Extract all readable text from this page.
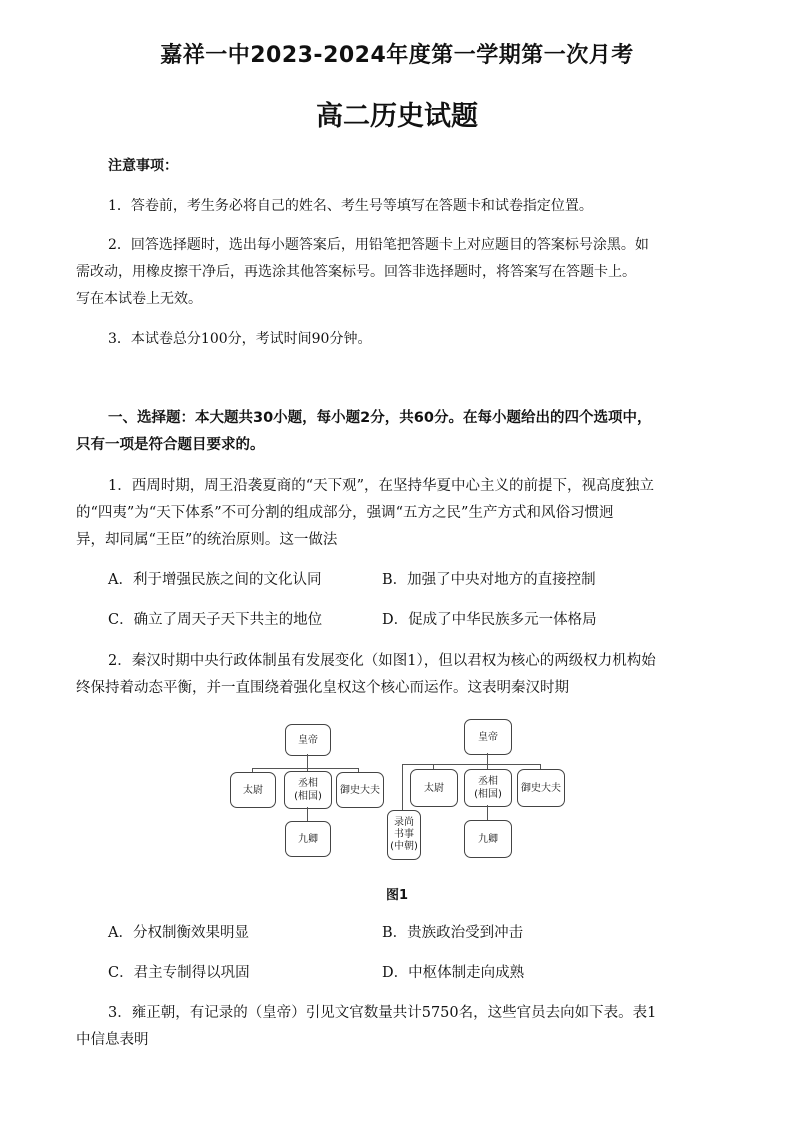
嘉祥一中2023-2024年度第一学期第一次月考
高二历史试题
注意事项：
1．答卷前，考生务必将自己的姓名、考生号等填写在答题卡和试卷指定位置。
2．回答选择题时，选出每小题答案后，用铅笔把答题卡上对应题目的答案标号涂黑。如
需改动，用橡皮擦干净后，再选涂其他答案标号。回答非选择题时，将答案写在答题卡上。
写在本试卷上无效。
3．本试卷总分100分，考试时间90分钟。
一、选择题：本大题共30小题，每小题2分，共60分。在每小题给出的四个选项中，
只有一项是符合题目要求的。
1．西周时期，周王沿袭夏商的“天下观”，在坚持华夏中心主义的前提下，视高度独立
的“四夷”为“天下体系”不可分割的组成部分，强调“五方之民”生产方式和风俗习惯迥
异，却同属“王臣”的统治原则。这一做法
A．利于增强民族之间的文化认同	B．加强了中央对地方的直接控制
C．确立了周天子天下共主的地位	D．促成了中华民族多元一体格局
2．秦汉时期中央行政体制虽有发展变化（如图1），但以君权为核心的两级权力机构始
终保持着动态平衡，并一直围绕着强化皇权这个核心而运作。这表明秦汉时期
皇帝
太尉
丞相
(相国)
御史大夫
九卿
皇帝
太尉
丞相
(相国)
御史大夫
录尚
书事
(中朝)
九卿
图1
A．分权制衡效果明显	B．贵族政治受到冲击
C．君主专制得以巩固	D．中枢体制走向成熟
3．雍正朝，有记录的（皇帝）引见文官数量共计5750名，这些官员去向如下表。表1
中信息表明
